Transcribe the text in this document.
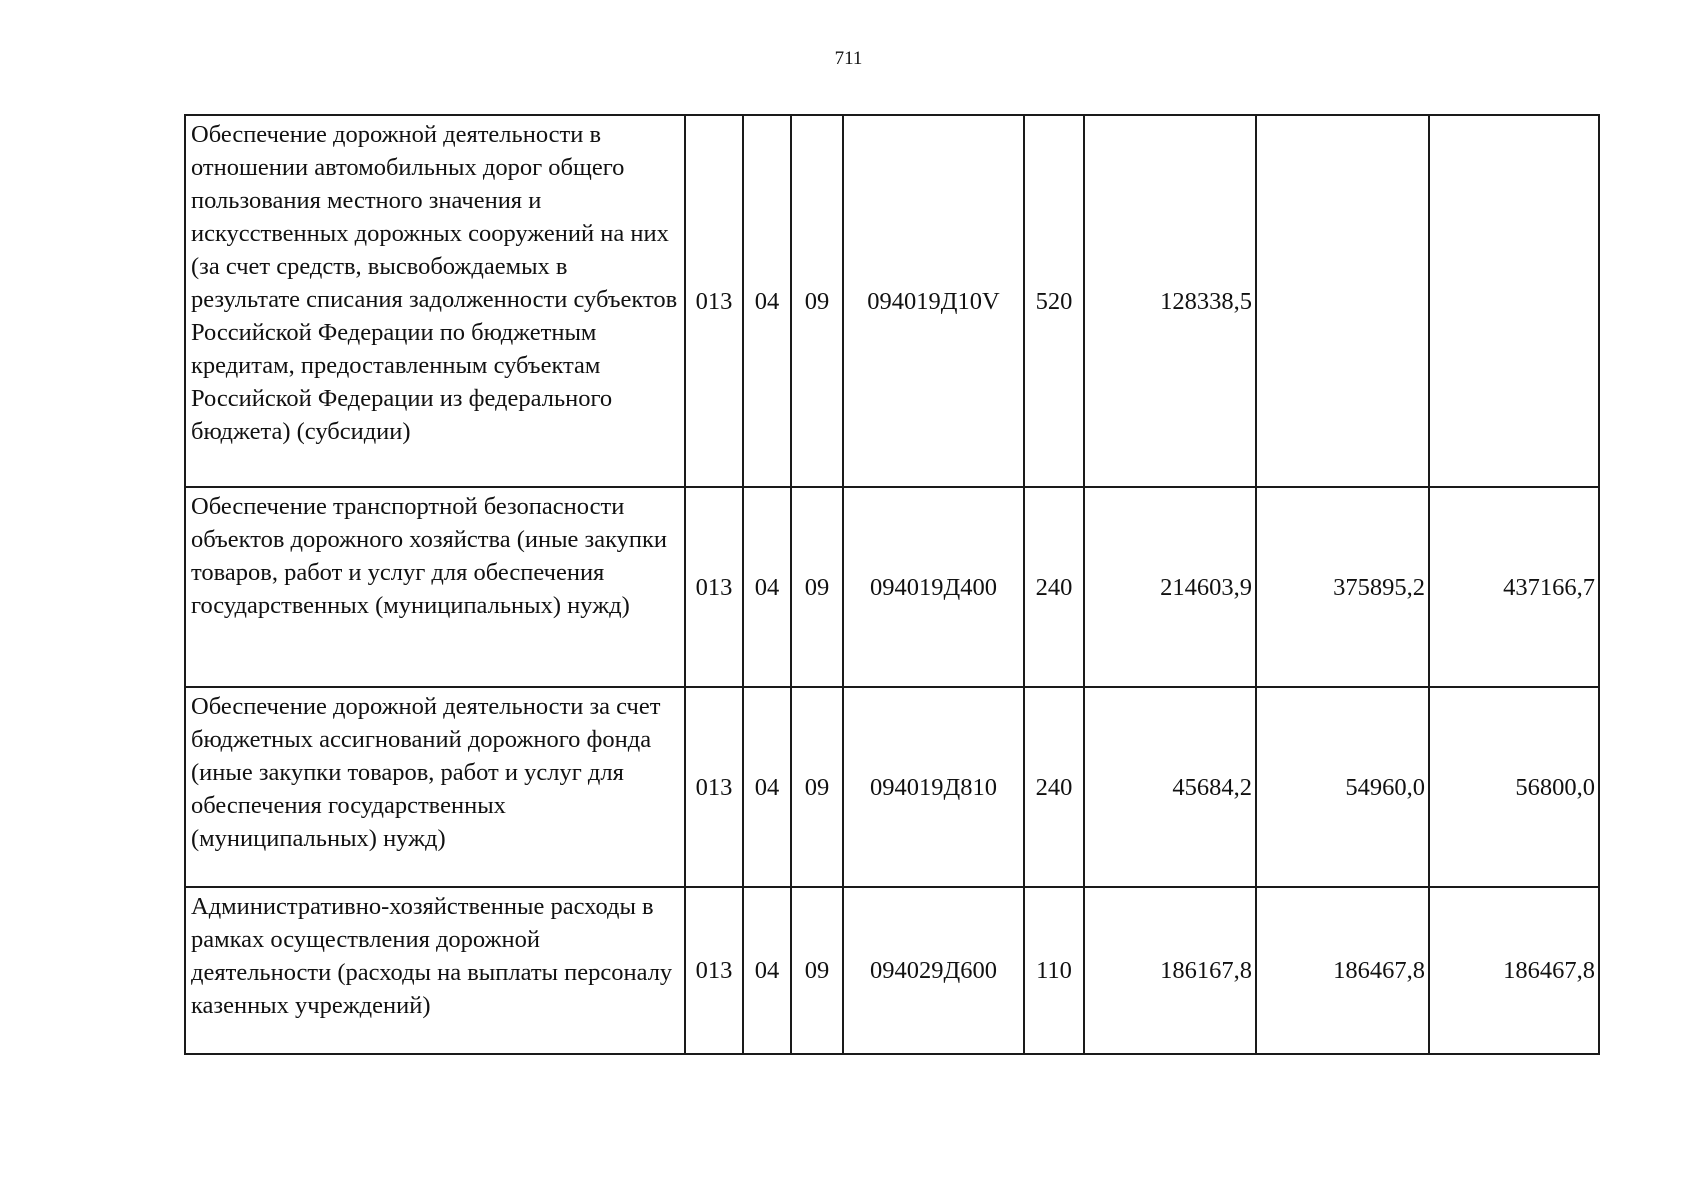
711
Обеспечение дорожной деятельности в отношении автомобильных дорог общего пользования местного значения и искусственных дорожных сооружений на них (за счет средств, высвобождаемых в результате списания задолженности субъектов Российской Федерации по бюджетным кредитам, предоставленным субъектам Российской Федерации из федерального бюджета) (субсидии)	013	04	09	094019Д10V	520	128338,5		
Обеспечение транспортной безопасности объектов дорожного хозяйства (иные закупки товаров, работ и услуг для обеспечения государственных (муниципальных) нужд)	013	04	09	094019Д400	240	214603,9	375895,2	437166,7
Обеспечение дорожной деятельности за счет бюджетных ассигнований дорожного фонда (иные закупки товаров, работ и услуг для обеспечения государственных (муниципальных) нужд)	013	04	09	094019Д810	240	45684,2	54960,0	56800,0
Административно-хозяйственные расходы в рамках осуществления дорожной деятельности (расходы на выплаты персоналу казенных учреждений)	013	04	09	094029Д600	110	186167,8	186467,8	186467,8
